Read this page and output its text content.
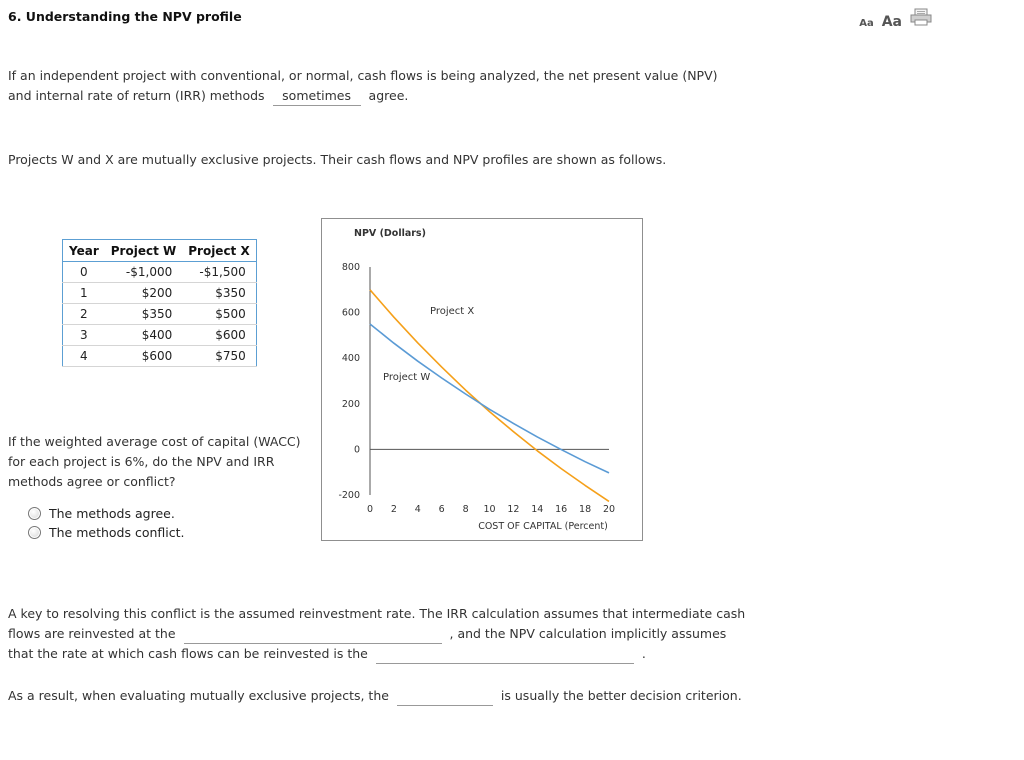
6. Understanding the NPV profile	Aa Aa
If an independent project with conventional, or normal, cash flows is being analyzed, the net present value (NPV)
and internal rate of return (IRR) methods sometimes agree.
Projects W and X are mutually exclusive projects. Their cash flows and NPV profiles are shown as follows.
Year	Project W	Project X
0	-$1,000	-$1,500
1	$200	$350
2	$350	$500
3	$400	$600
4	$600	$750
If the weighted average cost of capital (WACC)
for each project is 6%, do the NPV and IRR
methods agree or conflict?
The methods agree.
The methods conflict.
NPV (Dollars)
800
600
400
200
0
-200
0 2 4 6 8 10 12 14 16 18 20
COST OF CAPITAL (Percent)
Project X
Project W
A key to resolving this conflict is the assumed reinvestment rate. The IRR calculation assumes that intermediate cash
flows are reinvested at the	, and the NPV calculation implicitly assumes
that the rate at which cash flows can be reinvested is the	.
As a result, when evaluating mutually exclusive projects, the	is usually the better decision criterion.
